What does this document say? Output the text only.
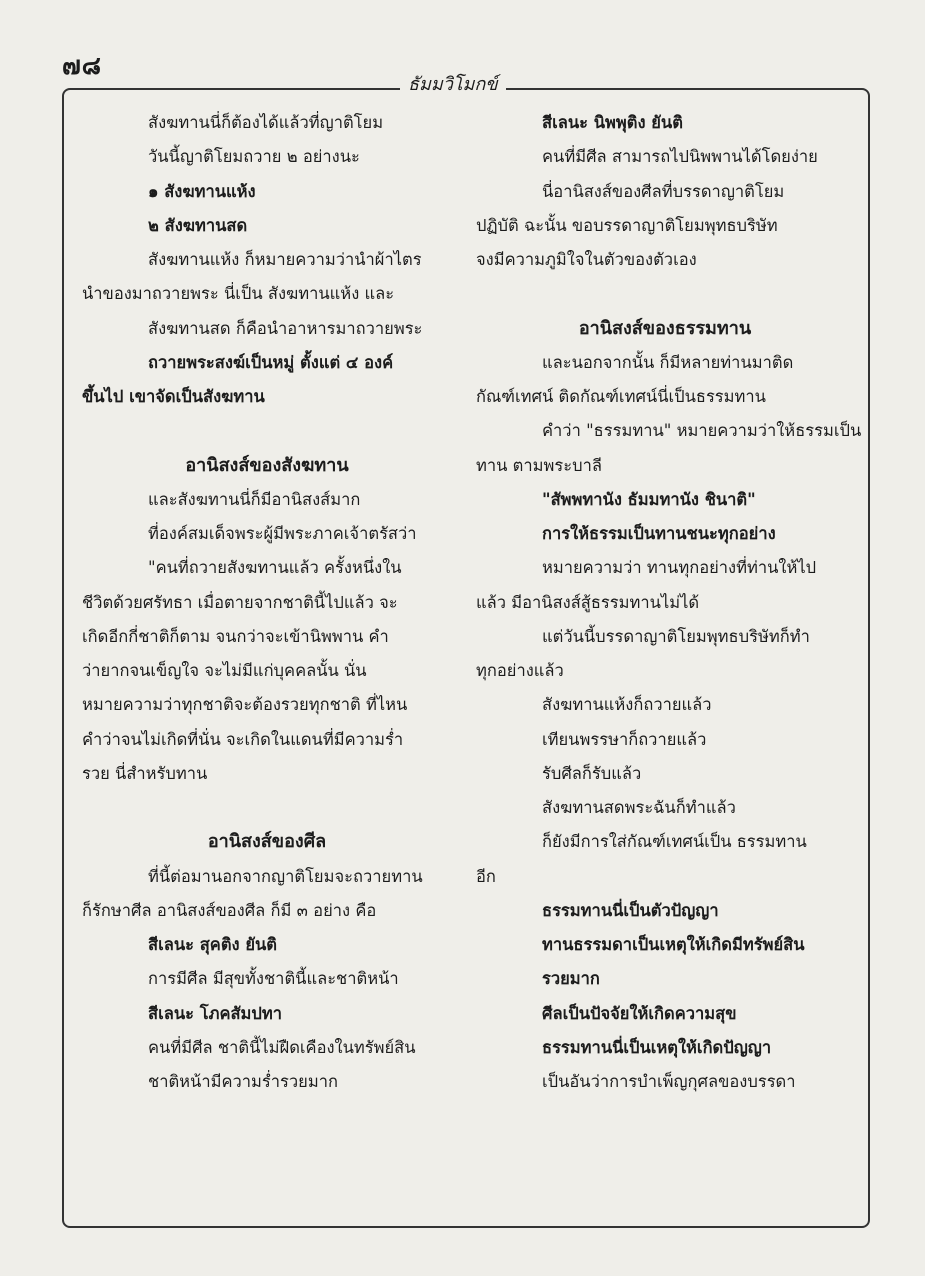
๗๘
ธัมมวิโมกข์
สังฆทานนี่ก็ต้องได้แล้วที่ญาติโยม
วันนี้ญาติโยมถวาย ๒ อย่างนะ
๑ สังฆทานแห้ง
๒ สังฆทานสด
สังฆทานแห้ง ก็หมายความว่านำผ้าไตร
นำของมาถวายพระ นี่เป็น สังฆทานแห้ง และ
สังฆทานสด ก็คือนำอาหารมาถวายพระ
ถวายพระสงฆ์เป็นหมู่ ตั้งแต่ ๔ องค์
ขึ้นไป เขาจัดเป็นสังฆทาน
อานิสงส์ของสังฆทาน
และสังฆทานนี่ก็มีอานิสงส์มาก
ที่องค์สมเด็จพระผู้มีพระภาคเจ้าตรัสว่า
"คนที่ถวายสังฆทานแล้ว ครั้งหนึ่งใน
ชีวิตด้วยศรัทธา เมื่อตายจากชาตินี้ไปแล้ว จะ
เกิดอีกกี่ชาติก็ตาม จนกว่าจะเข้านิพพาน คำ
ว่ายากจนเข็ญใจ จะไม่มีแก่บุคคลนั้น นั่น
หมายความว่าทุกชาติจะต้องรวยทุกชาติ ที่ไหน
คำว่าจนไม่เกิดที่นั่น จะเกิดในแดนที่มีความร่ำ
รวย นี่สำหรับทาน
อานิสงส์ของศีล
ที่นี้ต่อมานอกจากญาติโยมจะถวายทาน
ก็รักษาศีล อานิสงส์ของศีล ก็มี ๓ อย่าง คือ
สีเลนะ สุคติง ยันติ
การมีศีล มีสุขทั้งชาตินี้และชาติหน้า
สีเลนะ โภคสัมปทา
คนที่มีศีล ชาตินี้ไม่ฝืดเคืองในทรัพย์สิน
ชาติหน้ามีความร่ำรวยมาก
สีเลนะ นิพพุติง ยันติ
คนที่มีศีล สามารถไปนิพพานได้โดยง่าย
นี่อานิสงส์ของศีลที่บรรดาญาติโยม
ปฏิบัติ ฉะนั้น ขอบรรดาญาติโยมพุทธบริษัท
จงมีความภูมิใจในตัวของตัวเอง
อานิสงส์ของธรรมทาน
และนอกจากนั้น ก็มีหลายท่านมาติด
กัณฑ์เทศน์ ติดกัณฑ์เทศน์นี่เป็นธรรมทาน
คำว่า "ธรรมทาน" หมายความว่าให้ธรรมเป็น
ทาน ตามพระบาลี
"สัพพทานัง ธัมมทานัง ชินาติ"
การให้ธรรมเป็นทานชนะทุกอย่าง
หมายความว่า ทานทุกอย่างที่ท่านให้ไป
แล้ว มีอานิสงส์สู้ธรรมทานไม่ได้
แต่วันนี้บรรดาญาติโยมพุทธบริษัทก็ทำ
ทุกอย่างแล้ว
สังฆทานแห้งก็ถวายแล้ว
เทียนพรรษาก็ถวายแล้ว
รับศีลก็รับแล้ว
สังฆทานสดพระฉันก็ทำแล้ว
ก็ยังมีการใส่กัณฑ์เทศน์เป็น ธรรมทาน
อีก
ธรรมทานนี่เป็นตัวปัญญา
ทานธรรมดาเป็นเหตุให้เกิดมีทรัพย์สิน
รวยมาก
ศีลเป็นปัจจัยให้เกิดความสุข
ธรรมทานนี่เป็นเหตุให้เกิดปัญญา
เป็นอันว่าการบำเพ็ญกุศลของบรรดา
